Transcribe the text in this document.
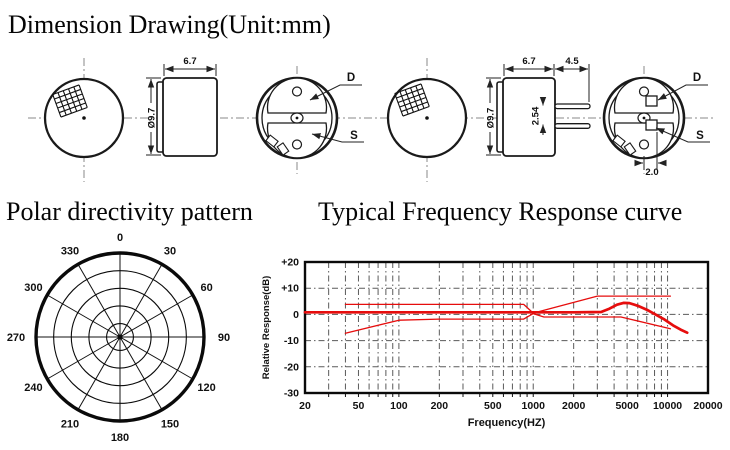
Dimension Drawing(Unit:mm)
Polar directivity pattern	Typical Frequency Response curve
6.7
Ø9.7
D
S
6.7	4.5
Ø9.7	2.54
D
S
2.0
0
30
60
90
120
150
180
210
240
270
300
330
20	50 100 200	500 1000 2000	5000 10000 20000
+20
+10
0
-10
-20
-30
Frequency(HZ)
Relative Response(dB)
